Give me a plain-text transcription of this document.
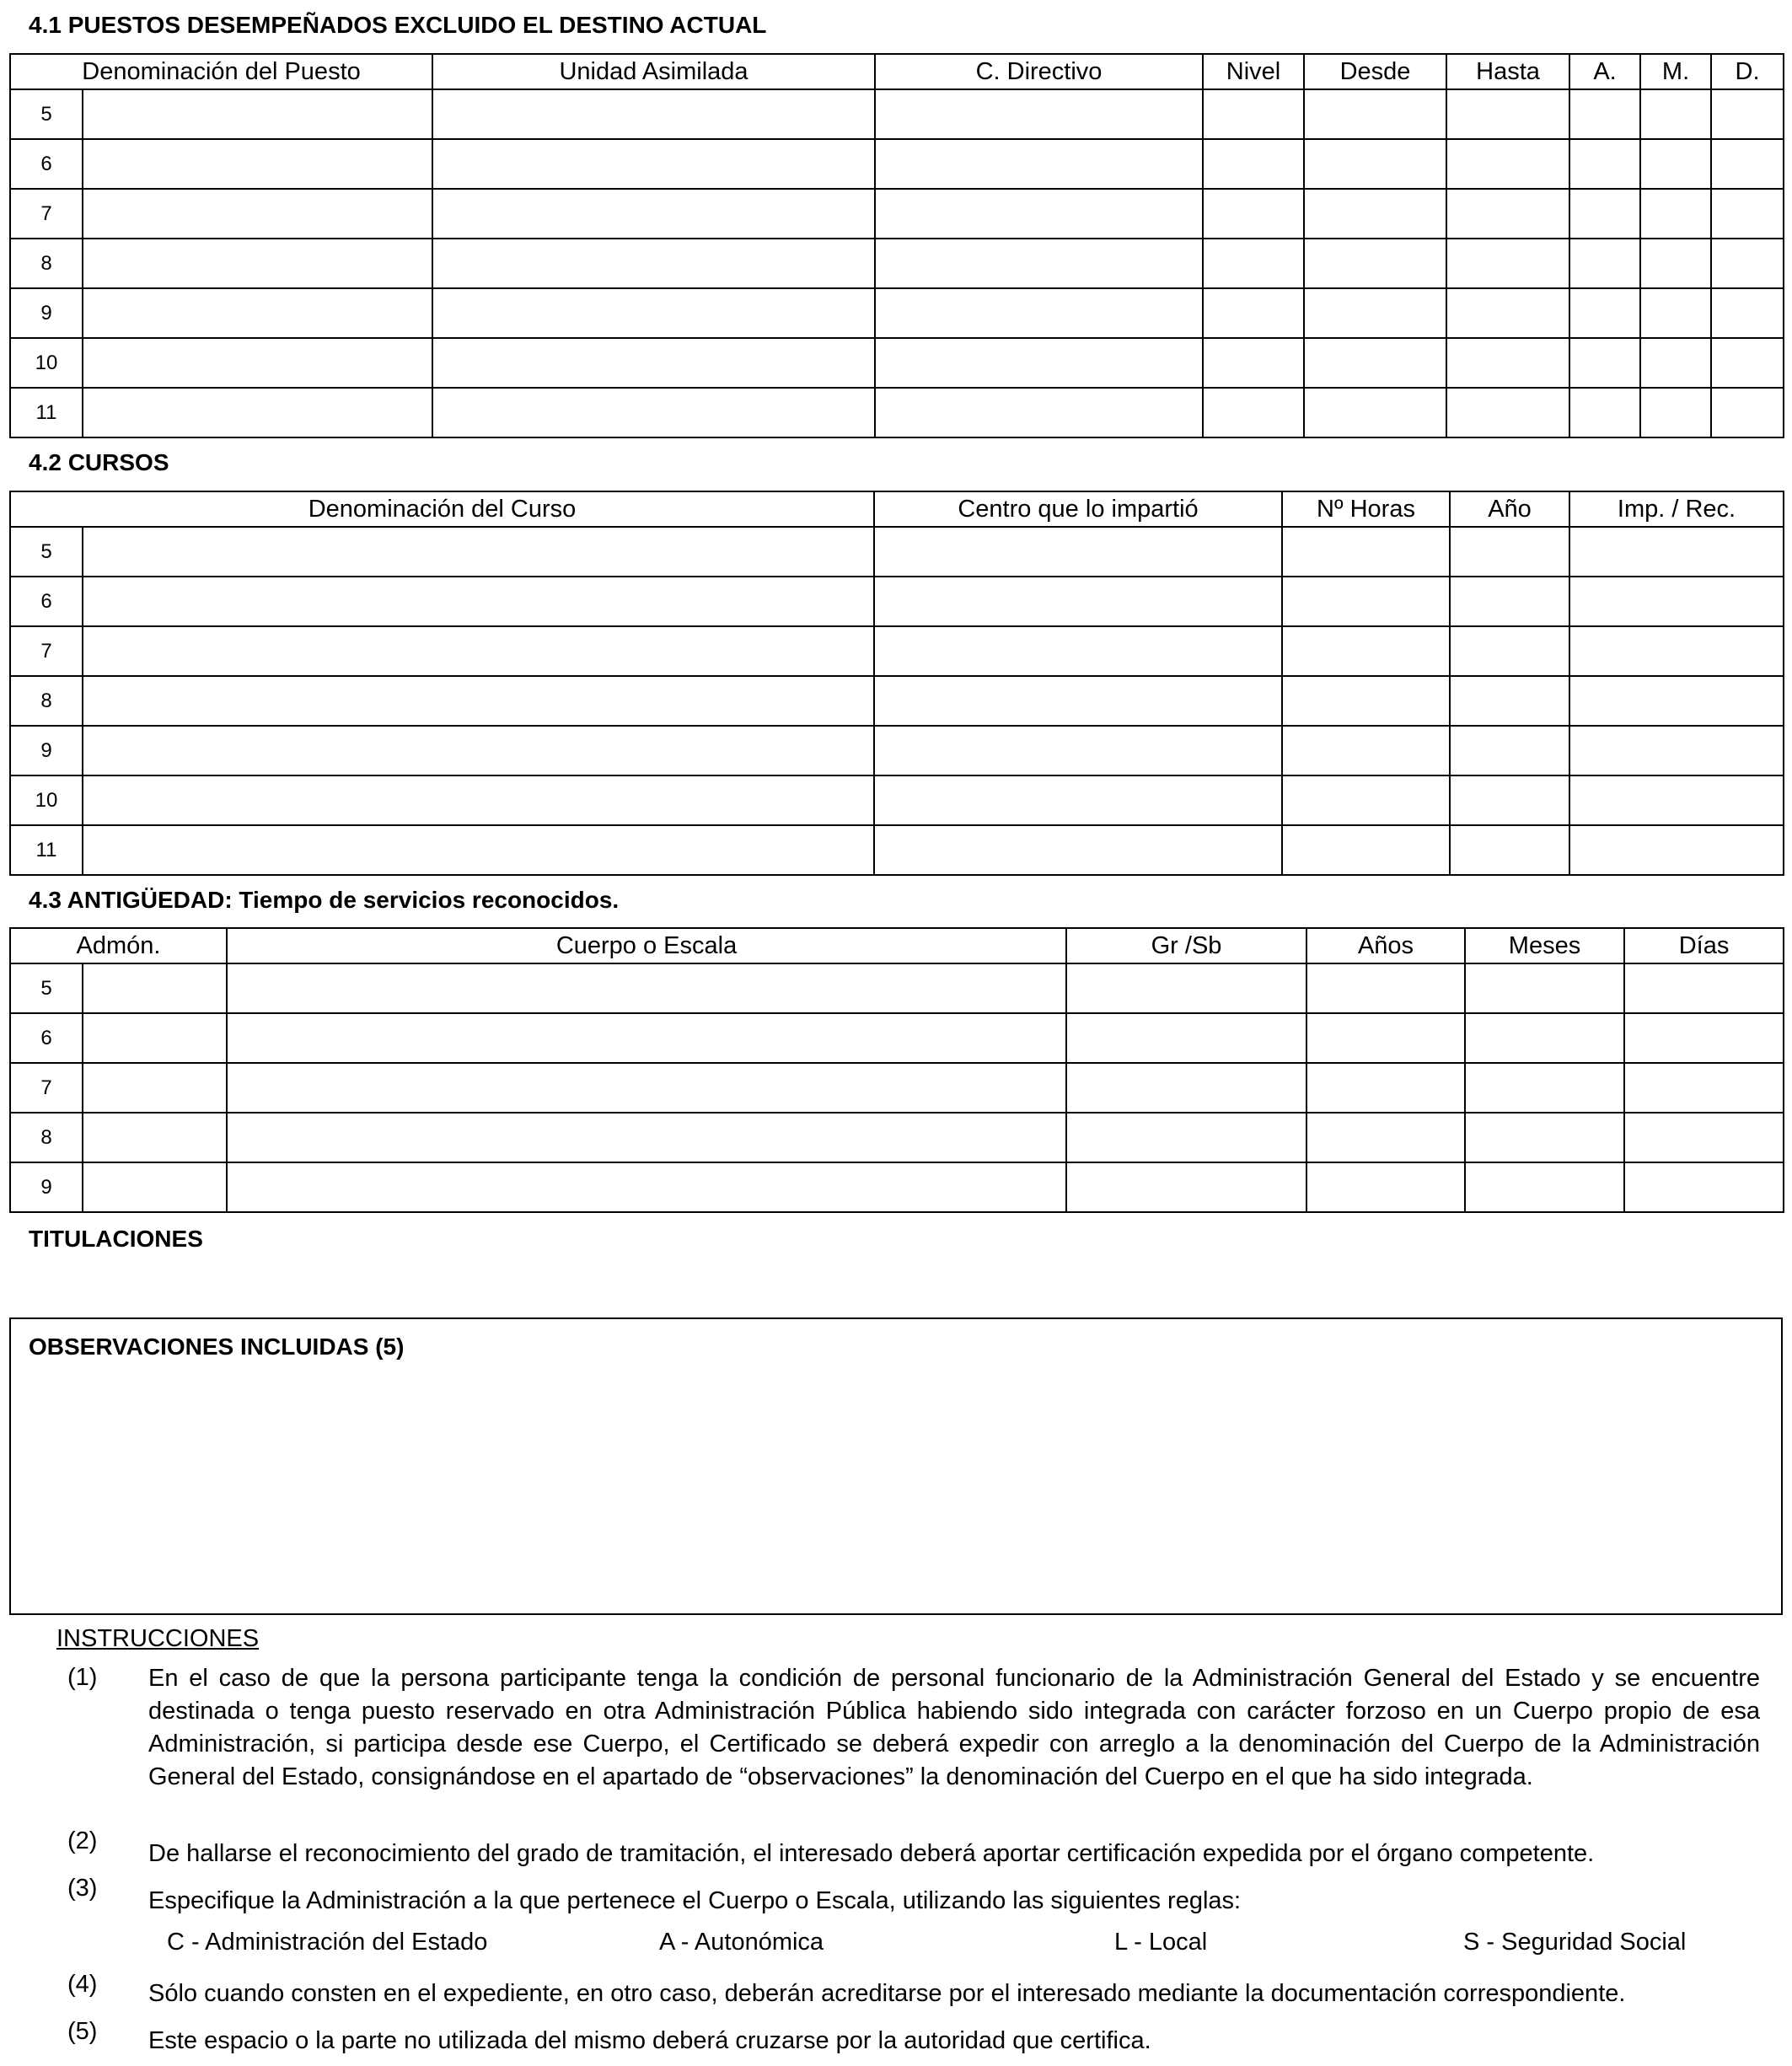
4.1 PUESTOS DESEMPEÑADOS EXCLUIDO EL DESTINO ACTUAL
Denominación del Puesto		Unidad Asimilada	C. Directivo	Nivel	Desde	Hasta	A.	M.	D.
5									
6									
7									
8									
9									
10									
11									
4.2 CURSOS
Denominación del Curso		Centro que lo impartió	Nº Horas	Año	Imp. / Rec.
5					
6					
7					
8					
9					
10					
11					
4.3 ANTIGÜEDAD: Tiempo de servicios reconocidos.
Admón.		Cuerpo o Escala	Gr /Sb	Años	Meses	Días
5						
6						
7						
8						
9						
TITULACIONES
OBSERVACIONES INCLUIDAS (5)
INSTRUCCIONES
(1) En el caso de que la persona participante tenga la condición de personal funcionario de la Administración General del Estado y se encuentre destinada o tenga puesto reservado en otra Administración Pública habiendo sido integrada con carácter forzoso en un Cuerpo propio de esa Administración, si participa desde ese Cuerpo, el Certificado se deberá expedir con arreglo a la denominación del Cuerpo de la Administración General del Estado, consignándose en el apartado de “observaciones” la denominación del Cuerpo en el que ha sido integrada.
(2) De hallarse el reconocimiento del grado de tramitación, el interesado deberá aportar certificación expedida por el órgano competente.
(3) Especifique la Administración a la que pertenece el Cuerpo o Escala, utilizando las siguientes reglas:
C - Administración del Estado	A - Autonómica	L - Local	S - Seguridad Social
(4) Sólo cuando consten en el expediente, en otro caso, deberán acreditarse por el interesado mediante la documentación correspondiente.
(5) Este espacio o la parte no utilizada del mismo deberá cruzarse por la autoridad que certifica.
